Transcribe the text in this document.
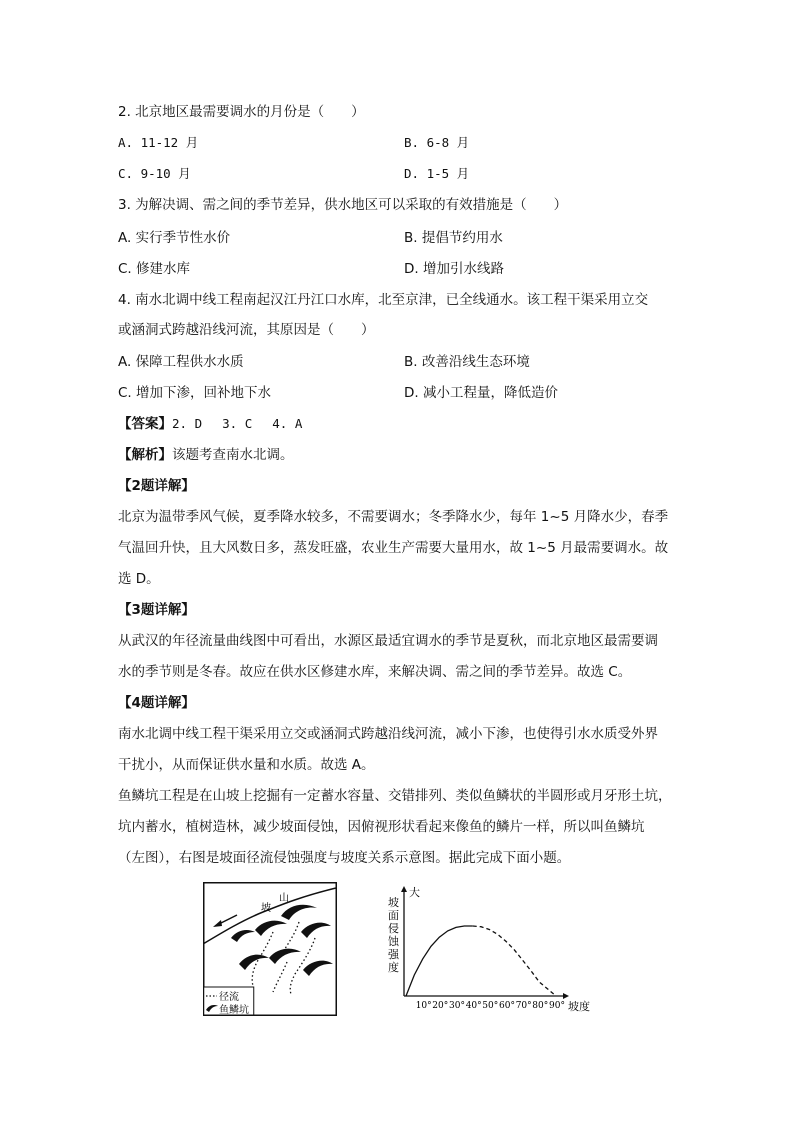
2. 北京地区最需要调水的月份是（　　）
A. 11-12 月	B. 6-8 月
C. 9-10 月	D. 1-5 月
3. 为解决调、需之间的季节差异，供水地区可以采取的有效措施是（　　）
A. 实行季节性水价	B. 提倡节约用水
C. 修建水库	D. 增加引水线路
4. 南水北调中线工程南起汉江丹江口水库，北至京津，已全线通水。该工程干渠采用立交
或涵洞式跨越沿线河流，其原因是（　　）
A. 保障工程供水水质	B. 改善沿线生态环境
C. 增加下渗，回补地下水	D. 减小工程量，降低造价
【答案】2. D　 3. C　 4. A
【解析】该题考查南水北调。
【2题详解】
北京为温带季风气候，夏季降水较多，不需要调水；冬季降水少，每年 1~5 月降水少，春季
气温回升快，且大风数日多，蒸发旺盛，农业生产需要大量用水，故 1~5 月最需要调水。故
选 D。
【3题详解】
从武汉的年径流量曲线图中可看出，水源区最适宜调水的季节是夏秋，而北京地区最需要调
水的季节则是冬春。故应在供水区修建水库，来解决调、需之间的季节差异。故选 C。
【4题详解】
南水北调中线工程干渠采用立交或涵洞式跨越沿线河流，减小下渗，也使得引水水质受外界
干扰小，从而保证供水量和水质。故选 A。
鱼鳞坑工程是在山坡上挖掘有一定蓄水容量、交错排列、类似鱼鳞状的半圆形或月牙形土坑，
坑内蓄水，植树造林，减少坡面侵蚀，因俯视形状看起来像鱼的鳞片一样，所以叫鱼鳞坑
（左图），右图是坡面径流侵蚀强度与坡度关系示意图。据此完成下面小题。
坡
山
径流
鱼鳞坑
坡
面
侵
蚀
强
度
10° 20° 30° 40° 50° 60° 70° 80° 90°
大
坡度
